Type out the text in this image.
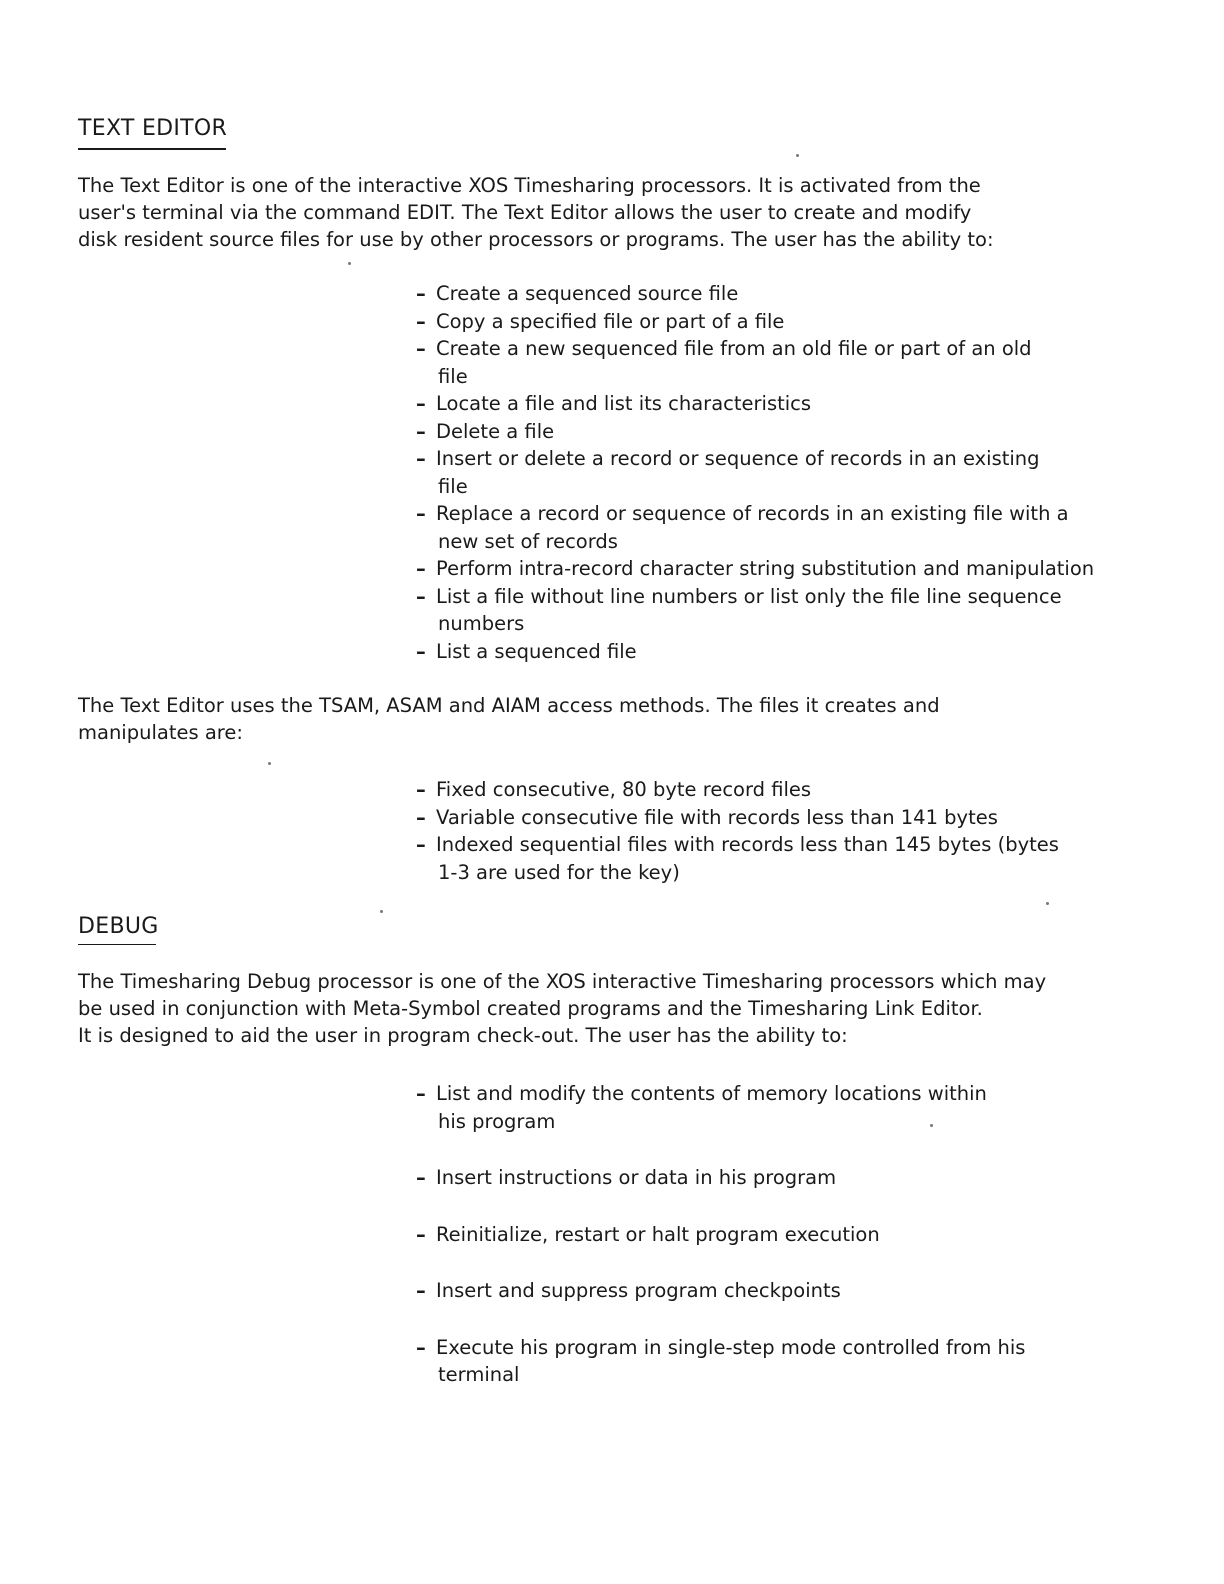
TEXT EDITOR

The Text Editor is one of the interactive XOS Timesharing processors. It is activated from the
user's terminal via the command EDIT. The Text Editor allows the user to create and modify
disk resident source files for use by other processors or programs. The user has the ability to:

– Create a sequenced source file
– Copy a specified file or part of a file
– Create a new sequenced file from an old file or part of an old
file
– Locate a file and list its characteristics
– Delete a file
– Insert or delete a record or sequence of records in an existing
file
– Replace a record or sequence of records in an existing file with a
new set of records
– Perform intra-record character string substitution and manipulation
– List a file without line numbers or list only the file line sequence
numbers
– List a sequenced file

The Text Editor uses the TSAM, ASAM and AIAM access methods. The files it creates and
manipulates are:

– Fixed consecutive, 80 byte record files
– Variable consecutive file with records less than 141 bytes
– Indexed sequential files with records less than 145 bytes (bytes
1-3 are used for the key)
DEBUG

The Timesharing Debug processor is one of the XOS interactive Timesharing processors which may
be used in conjunction with Meta-Symbol created programs and the Timesharing Link Editor.
It is designed to aid the user in program check-out. The user has the ability to:

– List and modify the contents of memory locations within
his program
– Insert instructions or data in his program
– Reinitialize, restart or halt program execution
– Insert and suppress program checkpoints
– Execute his program in single-step mode controlled from his
terminal
